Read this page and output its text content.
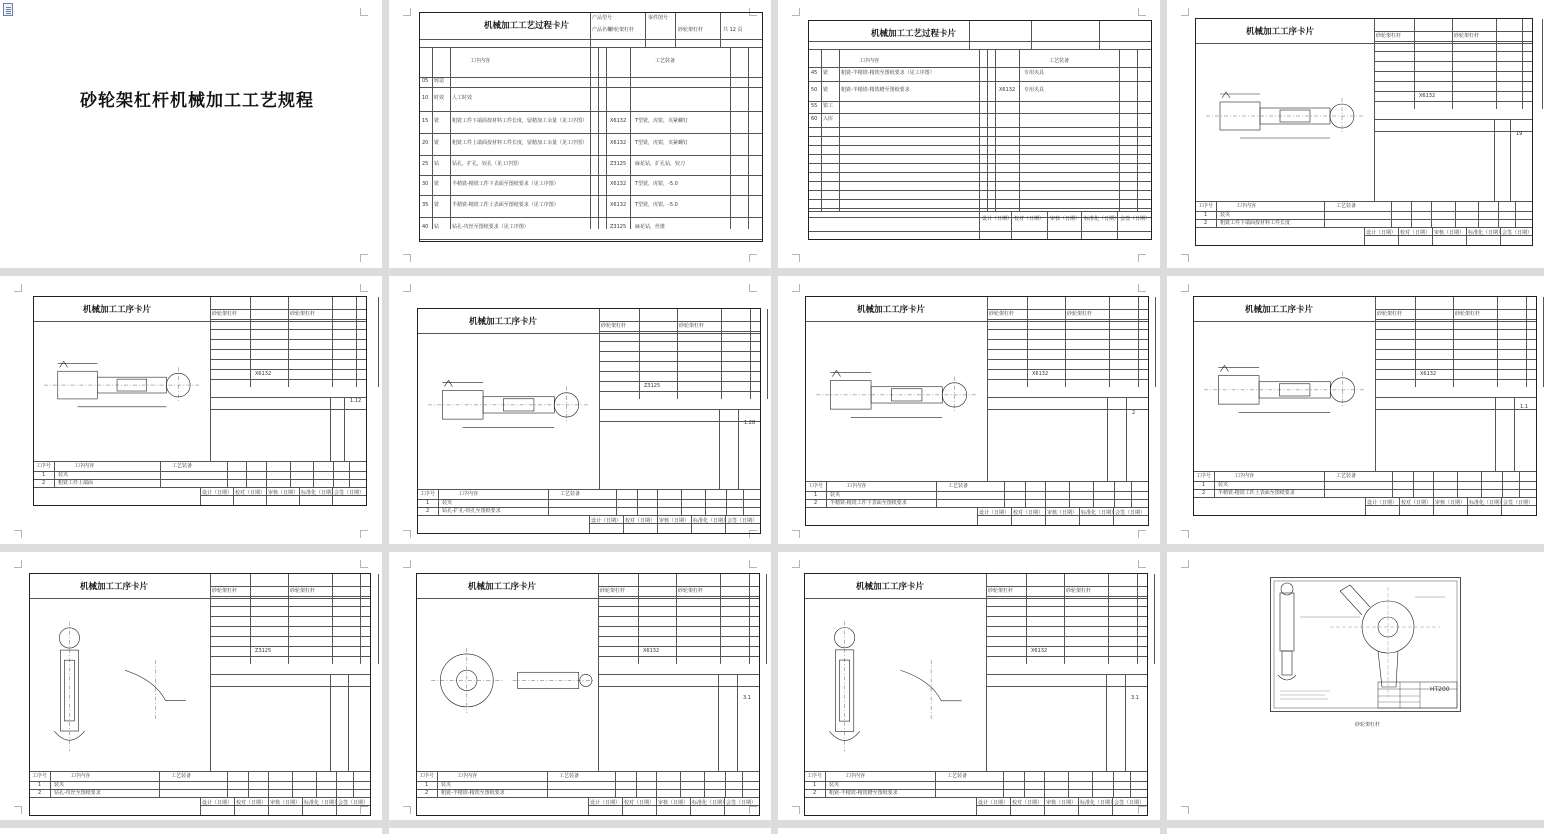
砂轮架杠杆机械加工工艺规程
机械加工工艺过程卡片
产品型号	零件图号
产品名称
砂轮架杠杆	砂轮架杠杆	共 12 页
工序内容	工艺装备
05 铸造
10 时效 人工时效
15 铣	粗铣工件下端面按材料工件长度，留精加工余量（见工序图）	X6132 T型铣，虎钳，夹紧螺钉
20 铣	粗铣工件上端面按材料工件长度，留精加工余量（见工序图）	X6132 T型铣，虎钳，夹紧螺钉
25 钻	钻孔，扩孔，铰孔（见工序图）	Z3125 麻花钻，扩孔钻，铰刀
30 铣	半精铣-精铣工件下表面至图纸要求（见工序图）	X6132 T型铣，虎钳，-5.0
35 铣	半精铣-精铣工件上表面至图纸要求（见工序图）	X6132 T型铣，虎钳，-5.0
40 钻	钻孔-攻丝至图纸要求（见工序图）	Z3125 麻花钻，丝锥
机械加工工艺过程卡片
工序内容	工艺装备
45 铣	粗铣-半精铣-精铣至图纸要求（见工序图）	专用夹具
50 铣	粗铣-半精铣-精铣槽至图纸要求	X6132 专用夹具
55 钳工
60 入库
设计（日期） 校对（日期） 审核（日期） 标准化（日期） 会签（日期）
机械加工工序卡片	砂轮架杠杆	砂轮架杠杆
X6132
19
工序号	工序内容	工艺装备
1	装夹
2	粗铣工件下端面按材料工件长度
设计（日期） 校对（日期） 审核（日期） 标准化（日期）
会签（日期）
机械加工工序卡片	砂轮架杠杆	砂轮架杠杆
X6132
1.12
工序号	工序内容	工艺装备
1	装夹
2	粗铣工件上端面
设计（日期） 校对（日期） 审核（日期） 标准化（日期）
会签（日期）
机械加工工序卡片	砂轮架杠杆	砂轮架杠杆
Z3125
1.28
工序号	工序内容	工艺装备
1	装夹
2	钻孔-扩孔-铰孔至图纸要求
设计（日期） 校对（日期） 审核（日期） 标准化（日期）
会签（日期）
机械加工工序卡片	砂轮架杠杆	砂轮架杠杆
X6132
2
工序号	工序内容	工艺装备
1	装夹
2	半精铣-精铣工件下表面至图纸要求
设计（日期） 校对（日期） 审核（日期） 标准化（日期）
会签（日期）
机械加工工序卡片	砂轮架杠杆	砂轮架杠杆
X6132
1.1
工序号	工序内容	工艺装备
1	装夹
2	半精铣-精铣工件上表面至图纸要求
设计（日期） 校对（日期） 审核（日期） 标准化（日期）
会签（日期）
机械加工工序卡片	砂轮架杠杆	砂轮架杠杆
Z3125
工序号	工序内容	工艺装备
1	装夹
2	钻孔-攻丝至图纸要求
设计（日期） 校对（日期） 审核（日期） 标准化（日期）
会签（日期）
机械加工工序卡片	砂轮架杠杆	砂轮架杠杆
X6132
3.1
工序号	工序内容	工艺装备
1	装夹
2	粗铣-半精铣-精铣至图纸要求
设计（日期） 校对（日期） 审核（日期） 标准化（日期）
会签（日期）
机械加工工序卡片	砂轮架杠杆	砂轮架杠杆
X6132
3.1
工序号	工序内容	工艺装备
1	装夹
2	粗铣-半精铣-精铣槽至图纸要求
设计（日期） 校对（日期） 审核（日期） 标准化（日期）
会签（日期）
HT200
砂轮架杠杆
